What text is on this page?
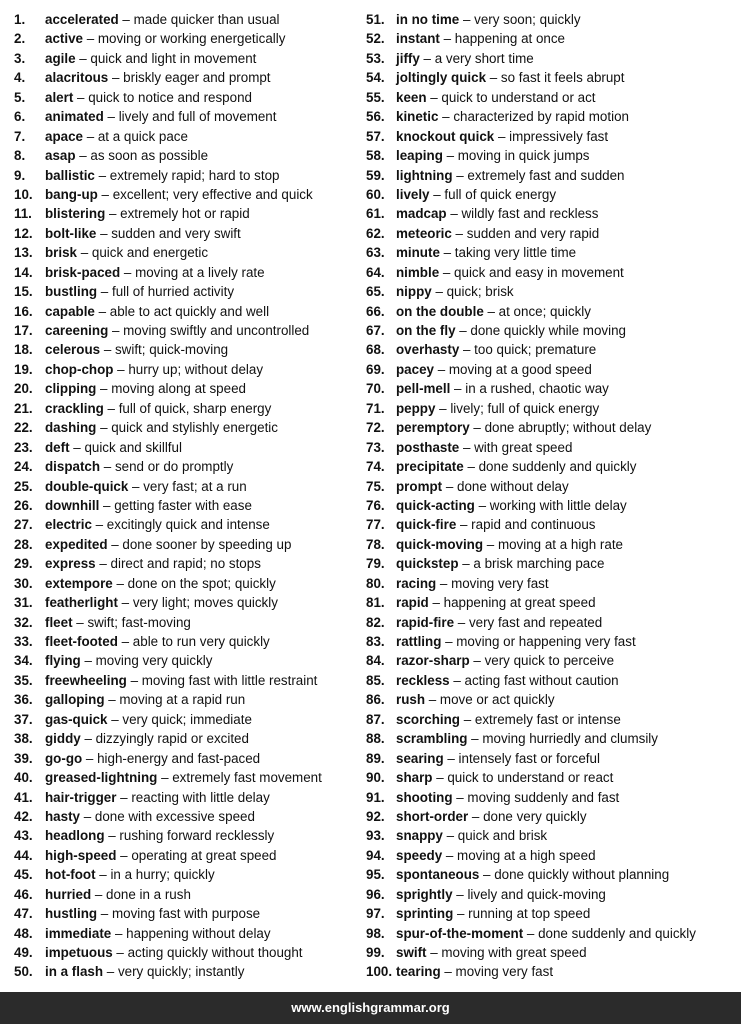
1.	accelerated – made quicker than usual
2.	active – moving or working energetically
3.	agile – quick and light in movement
4.	alacritous – briskly eager and prompt
5.	alert – quick to notice and respond
6.	animated – lively and full of movement
7.	apace – at a quick pace
8.	asap – as soon as possible
9.	ballistic – extremely rapid; hard to stop
10. bang-up – excellent; very effective and quick
11. blistering – extremely hot or rapid
12. bolt-like – sudden and very swift
13. brisk – quick and energetic
14. brisk-paced – moving at a lively rate
15. bustling – full of hurried activity
16. capable – able to act quickly and well
17. careening – moving swiftly and uncontrolled
18. celerous – swift; quick-moving
19. chop-chop – hurry up; without delay
20. clipping – moving along at speed
21. crackling – full of quick, sharp energy
22. dashing – quick and stylishly energetic
23. deft – quick and skillful
24. dispatch – send or do promptly
25. double-quick – very fast; at a run
26. downhill – getting faster with ease
27. electric – excitingly quick and intense
28. expedited – done sooner by speeding up
29. express – direct and rapid; no stops
30. extempore – done on the spot; quickly
31. featherlight – very light; moves quickly
32. fleet – swift; fast-moving
33. fleet-footed – able to run very quickly
34. flying – moving very quickly
35. freewheeling – moving fast with little restraint
36. galloping – moving at a rapid run
37. gas-quick – very quick; immediate
38. giddy – dizzyingly rapid or excited
39. go-go – high-energy and fast-paced
40. greased-lightning – extremely fast movement
41. hair-trigger – reacting with little delay
42. hasty – done with excessive speed
43. headlong – rushing forward recklessly
44. high-speed – operating at great speed
45. hot-foot – in a hurry; quickly
46. hurried – done in a rush
47. hustling – moving fast with purpose
48. immediate – happening without delay
49. impetuous – acting quickly without thought
50. in a flash – very quickly; instantly
51. in no time – very soon; quickly
52. instant – happening at once
53. jiffy – a very short time
54. joltingly quick – so fast it feels abrupt
55. keen – quick to understand or act
56. kinetic – characterized by rapid motion
57. knockout quick – impressively fast
58. leaping – moving in quick jumps
59. lightning – extremely fast and sudden
60. lively – full of quick energy
61. madcap – wildly fast and reckless
62. meteoric – sudden and very rapid
63. minute – taking very little time
64. nimble – quick and easy in movement
65. nippy – quick; brisk
66. on the double – at once; quickly
67. on the fly – done quickly while moving
68. overhasty – too quick; premature
69. pacey – moving at a good speed
70. pell-mell – in a rushed, chaotic way
71. peppy – lively; full of quick energy
72. peremptory – done abruptly; without delay
73. posthaste – with great speed
74. precipitate – done suddenly and quickly
75. prompt – done without delay
76. quick-acting – working with little delay
77. quick-fire – rapid and continuous
78. quick-moving – moving at a high rate
79. quickstep – a brisk marching pace
80. racing – moving very fast
81. rapid – happening at great speed
82. rapid-fire – very fast and repeated
83. rattling – moving or happening very fast
84. razor-sharp – very quick to perceive
85. reckless – acting fast without caution
86. rush – move or act quickly
87. scorching – extremely fast or intense
88. scrambling – moving hurriedly and clumsily
89. searing – intensely fast or forceful
90. sharp – quick to understand or react
91. shooting – moving suddenly and fast
92. short-order – done very quickly
93. snappy – quick and brisk
94. speedy – moving at a high speed
95. spontaneous – done quickly without planning
96. sprightly – lively and quick-moving
97. sprinting – running at top speed
98. spur-of-the-moment – done suddenly and quickly
99. swift – moving with great speed
100. tearing – moving very fast
www.englishgrammar.org
